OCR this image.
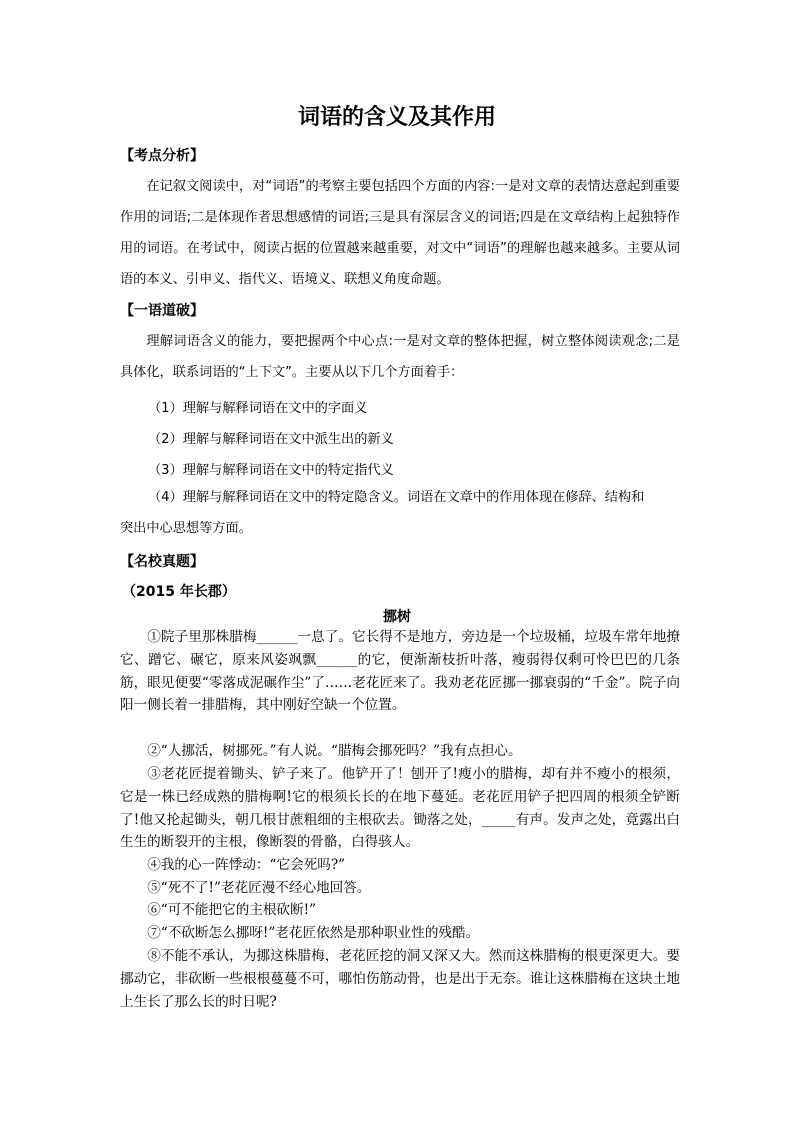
词语的含义及其作用

【考点分析】

在记叙文阅读中，对“词语”的考察主要包括四个方面的内容:一是对文章的表情达意起到重要作用的词语;二是体现作者思想感情的词语;三是具有深层含义的词语;四是在文章结构上起独特作用的词语。在考试中，阅读占据的位置越来越重要，对文中“词语”的理解也越来越多。主要从词语的本义、引申义、指代义、语境义、联想义角度命题。

【一语道破】

理解词语含义的能力，要把握两个中心点:一是对文章的整体把握，树立整体阅读观念;二是具体化，联系词语的“上下文”。主要从以下几个方面着手：

（1）理解与解释词语在文中的字面义

（2）理解与解释词语在文中派生出的新义

（3）理解与解释词语在文中的特定指代义

（4）理解与解释词语在文中的特定隐含义。词语在文章中的作用体现在修辞、结构和
突出中心思想等方面。

【名校真题】

（2015 年长郡）

挪树

①院子里那株腊梅______一息了。它长得不是地方，旁边是一个垃圾桶，垃圾车常年地撩它、蹭它、碾它，原来风姿飒飘______的它，便渐渐枝折叶落，瘦弱得仅剩可怜巴巴的几条筋，眼见便要“零落成泥碾作尘”了……老花匠来了。我劝老花匠挪一挪衰弱的“千金”。院子向阳一侧长着一排腊梅，其中刚好空缺一个位置。

②“人挪活，树挪死。”有人说。“腊梅会挪死吗？”我有点担心。

③老花匠提着锄头、铲子来了。他铲开了！刨开了!瘦小的腊梅，却有并不瘦小的根须，它是一株已经成熟的腊梅啊!它的根须长长的在地下蔓延。老花匠用铲子把四周的根须全铲断了!他又抡起锄头，朝几根甘蔗粗细的主根砍去。锄落之处，_____有声。发声之处，竟露出白生生的断裂开的主根，像断裂的骨骼，白得骇人。

④我的心一阵悸动：“它会死吗?”

⑤“死不了!”老花匠漫不经心地回答。

⑥“可不能把它的主根砍断!”

⑦“不砍断怎么挪呀!”老花匠依然是那种职业性的残酷。

⑧不能不承认，为挪这株腊梅，老花匠挖的洞又深又大。然而这株腊梅的根更深更大。要挪动它，非砍断一些根根蔓蔓不可，哪怕伤筋动骨，也是出于无奈。谁让这株腊梅在这块土地上生长了那么长的时日呢?
